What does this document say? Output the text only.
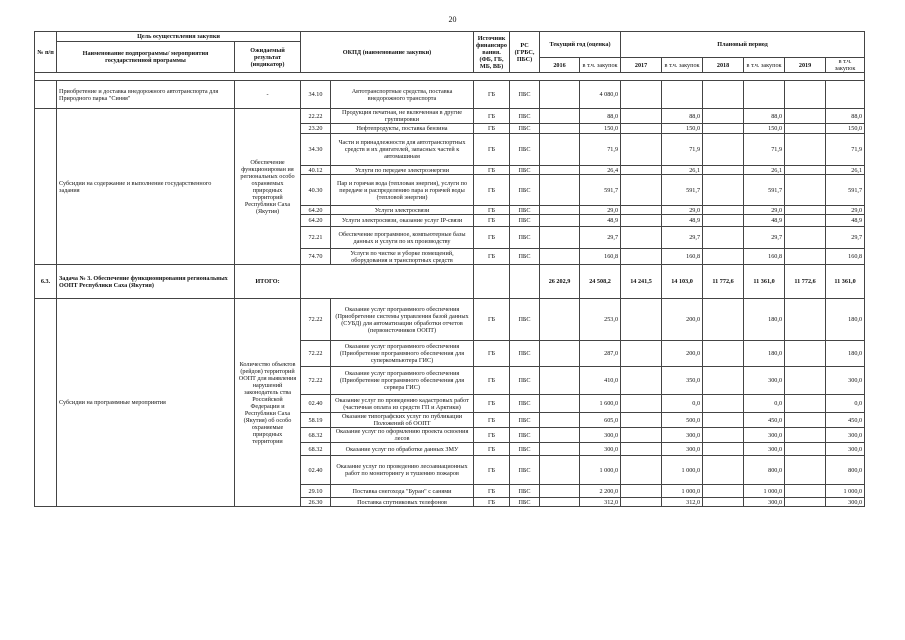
20
№ п/п	Цель осуществления закупки		ОКПД (наименование закупки)		Источник финансиро вания. (ФБ, ГБ, МБ, ВБ)	РС (ГРБС, ПБС)	Текущий год (оценка)		Плановый период					
	Наименование подпрограммы/ мероприятия государственной программы	Ожидаемый результат (индикатор)												
							2016	в т.ч. закупок	2017	в т.ч. закупок	2018	в т.ч. закупок	2019	в т.ч. закупок

	Приобретение и доставка внедорожного автотранспорта для Природного парка "Синяя"	-	34.10	Автотранспортные средства, поставка внедорожного транспорта	ГБ	ПБС		4 080,0						
	Субсидии на содержание и выполнение государственного задания	Обеспечение функционирован ия региональных особо охраняемых природных территорий Республики Саха (Якутия)	22.22	Продукция печатная, не включенная в другие группировки	ГБ	ПБС		88,0		88,0		88,0		88,0
			23.20	Нефтепродукты, поставка бензина	ГБ	ПБС		150,0		150,0		150,0		150,0
			34.30	Части и принадлежности для автотранспортных средств и их двигателей, запасных частей к автомашинам	ГБ	ПБС		71,9		71,9		71,9		71,9
			40.12	Услуги по передаче электроэнергии	ГБ	ПБС		26,4		26,1		26,1		26,1
			40.30	Пар и горячая вода (тепловая энергия), услуги по передаче и распределению пара и горячей воды (тепловой энергии)	ГБ	ПБС		591,7		591,7		591,7		591,7
			64.20	Услуги электросвязи	ГБ	ПБС		29,0		29,0		29,0		29,0
			64.20	Услуги электросвязи, оказание услуг IP-связи	ГБ	ПБС		48,9		48,9		48,9		48,9
			72.21	Обеспечение программное, компьютерные базы данных и услуги по их производству	ГБ	ПБС		29,7		29,7		29,7		29,7
			74.70	Услуги по чистке и уборке помещений, оборудования и транспортных средств	ГБ	ПБС		160,8		160,8		160,8		160,8
6.3.	Задача № 3. Обеспечение функционирования региональных ООПТ Республики Саха (Якутия)	ИТОГО:					26 202,9	24 508,2	14 241,5	14 103,0	11 772,6	11 361,0	11 772,6	11 361,0
	Субсидии на программные мероприятия	Количество объектов (рейдов) территорий ООПТ для выявления нарушений законодатель ства Российской Федерации и Республики Саха (Якутия) об особо охраняемые природных территории	72.22	Оказание услуг программного обеспечения (Приобретение системы управления базой данных (СУБД) для автоматизации обработки отчетов (первоисточников ООПТ)	ГБ	ПБС		253,0		200,0		180,0		180,0
			72.22	Оказание услуг программного обеспечения (Приобретение программного обеспечения для суперкомпьютера ГИС)	ГБ	ПБС		287,0		200,0		180,0		180,0
			72.22	Оказание услуг программного обеспечения (Приобретение программного обеспечения для сервера ГИС)	ГБ	ПБС		410,0		350,0		300,0		300,0
			02.40	Оказание услуг по проведению кадастровых работ (частичная оплата из средств ГП и Арктики)	ГБ	ПБС		1 600,0		0,0		0,0		0,0
			58.19	Оказание типографских услуг по публикации Положений об ООПТ	ГБ	ПБС		605,0		500,0		450,0		450,0
			68.32	Оказание услуг по оформлению проекта освоения лесов	ГБ	ПБС		300,0		300,0		300,0		300,0
			68.32	Оказание услуг по обработке данных ЗМУ	ГБ	ПБС		300,0		300,0		300,0		300,0
			02.40	Оказание услуг по проведению лесоавиационных работ по мониторингу и тушению пожаров	ГБ	ПБС		1 000,0		1 000,0		800,0		800,0
			29.10	Поставка снегохода "Буран" с санями	ГБ	ПБС		2 200,0		1 000,0		1 000,0		1 000,0
			26.30	Поставка спутниковых телефонов	ГБ	ПБС		312,0		312,0		300,0		300,0
